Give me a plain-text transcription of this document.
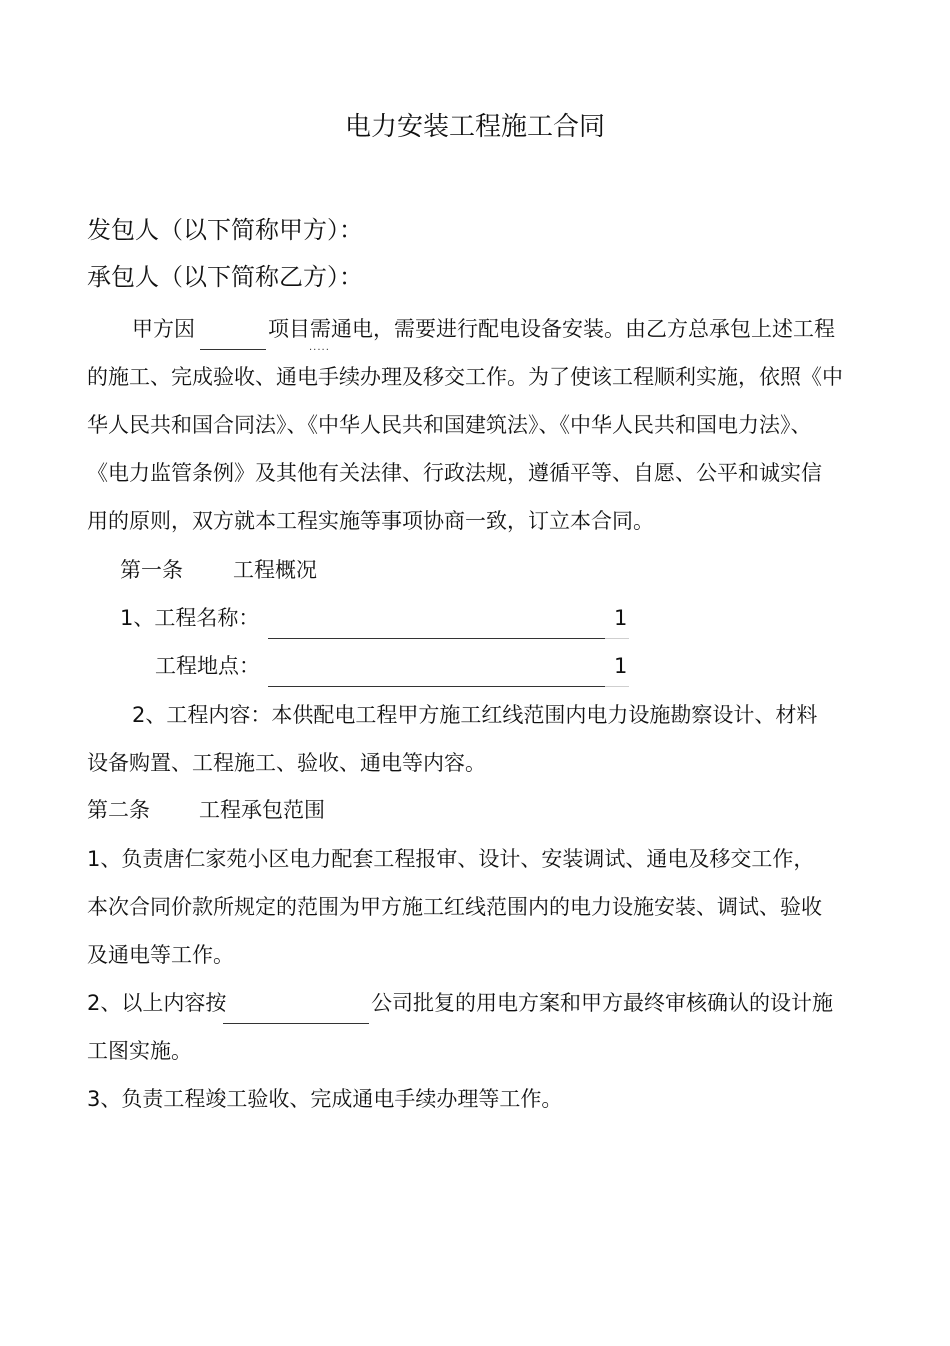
电力安装工程施工合同
发包人（以下简称甲方）：
承包人（以下简称乙方）：
甲方因	项目需通电，需要进行配电设备安装。由乙方总承包上述工程
·····
的施工、完成验收、通电手续办理及移交工作。为了使该工程顺利实施，依照《中
华人民共和国合同法》、《中华人民共和国建筑法》、《中华人民共和国电力法》、
《电力监管条例》及其他有关法律、行政法规，遵循平等、自愿、公平和诚实信
用的原则，双方就本工程实施等事项协商一致，订立本合同。
第一条 工程概况
1、工程名称：	1
工程地点：	1
2、工程内容：本供配电工程甲方施工红线范围内电力设施勘察设计、材料
设备购置、工程施工、验收、通电等内容。
第二条 工程承包范围
1、负责唐仁家苑小区电力配套工程报审、设计、安装调试、通电及移交工作，
本次合同价款所规定的范围为甲方施工红线范围内的电力设施安装、调试、验收
及通电等工作。
2、以上内容按	公司批复的用电方案和甲方最终审核确认的设计施
工图实施。
3、负责工程竣工验收、完成通电手续办理等工作。
